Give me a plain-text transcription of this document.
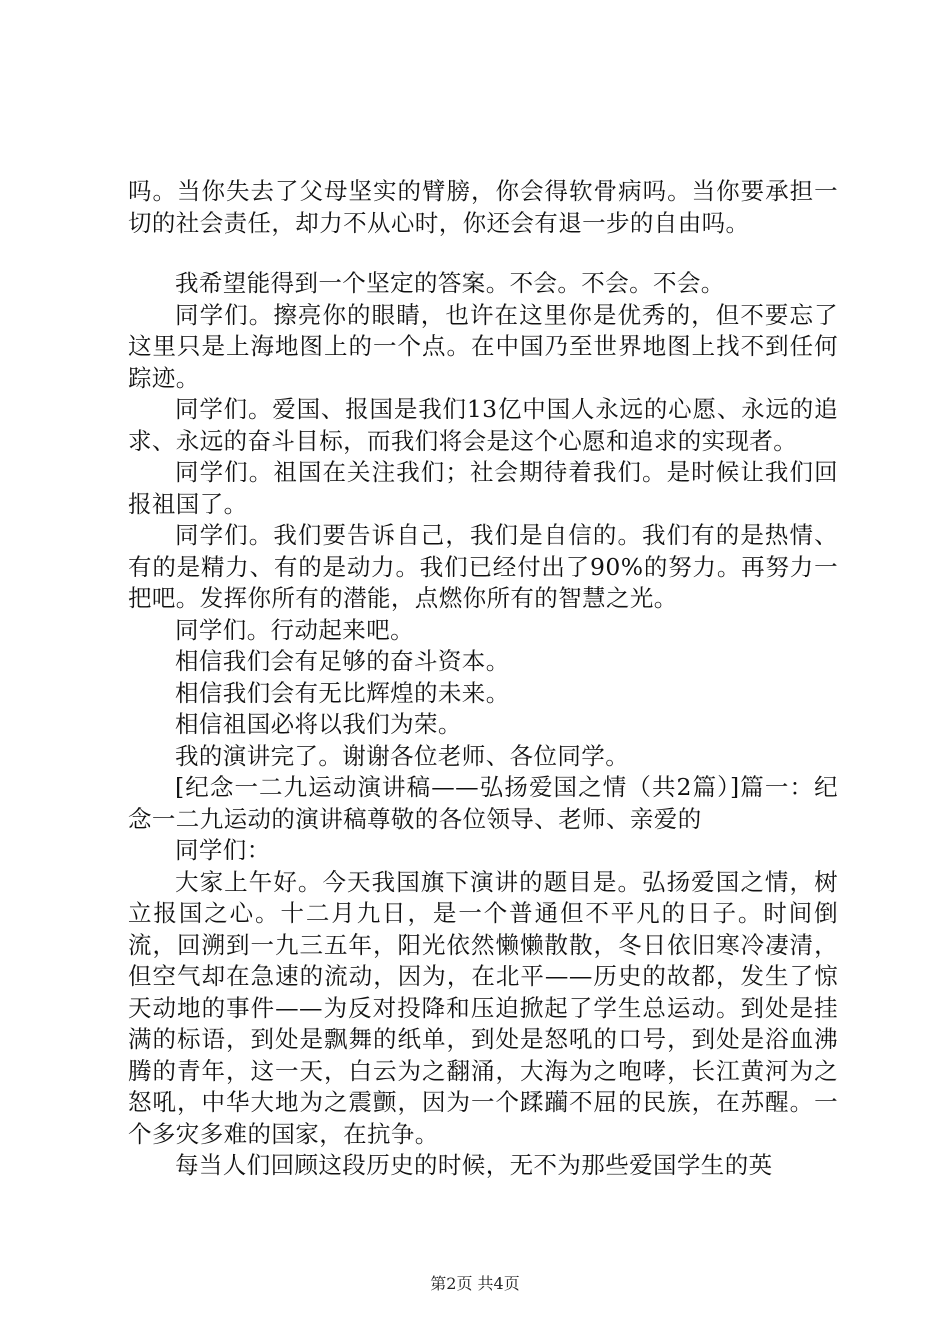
吗。当你失去了父母坚实的臂膀，你会得软骨病吗。当你要承担一切的社会责任，却力不从心时，你还会有退一步的自由吗。

我希望能得到一个坚定的答案。不会。不会。不会。

同学们。擦亮你的眼睛，也许在这里你是优秀的，但不要忘了这里只是上海地图上的一个点。在中国乃至世界地图上找不到任何踪迹。

同学们。爱国、报国是我们13亿中国人永远的心愿、永远的追求、永远的奋斗目标，而我们将会是这个心愿和追求的实现者。

同学们。祖国在关注我们；社会期待着我们。是时候让我们回报祖国了。

同学们。我们要告诉自己，我们是自信的。我们有的是热情、有的是精力、有的是动力。我们已经付出了90%的努力。再努力一把吧。发挥你所有的潜能，点燃你所有的智慧之光。

同学们。行动起来吧。

相信我们会有足够的奋斗资本。

相信我们会有无比辉煌的未来。

相信祖国必将以我们为荣。

我的演讲完了。谢谢各位老师、各位同学。

[纪念一二九运动演讲稿——弘扬爱国之情（共2篇）]篇一：纪念一二九运动的演讲稿尊敬的各位领导、老师、亲爱的

同学们：

大家上午好。今天我国旗下演讲的题目是。弘扬爱国之情，树立报国之心。十二月九日，是一个普通但不平凡的日子。时间倒流，回溯到一九三五年，阳光依然懒懒散散，冬日依旧寒冷凄清，但空气却在急速的流动，因为，在北平——历史的故都，发生了惊天动地的事件——为反对投降和压迫掀起了学生总运动。到处是挂满的标语，到处是飘舞的纸单，到处是怒吼的口号，到处是浴血沸腾的青年，这一天，白云为之翻涌，大海为之咆哮，长江黄河为之怒吼，中华大地为之震颤，因为一个蹂躏不屈的民族，在苏醒。一个多灾多难的国家，在抗争。

每当人们回顾这段历史的时候，无不为那些爱国学生的英

第2页 共4页
